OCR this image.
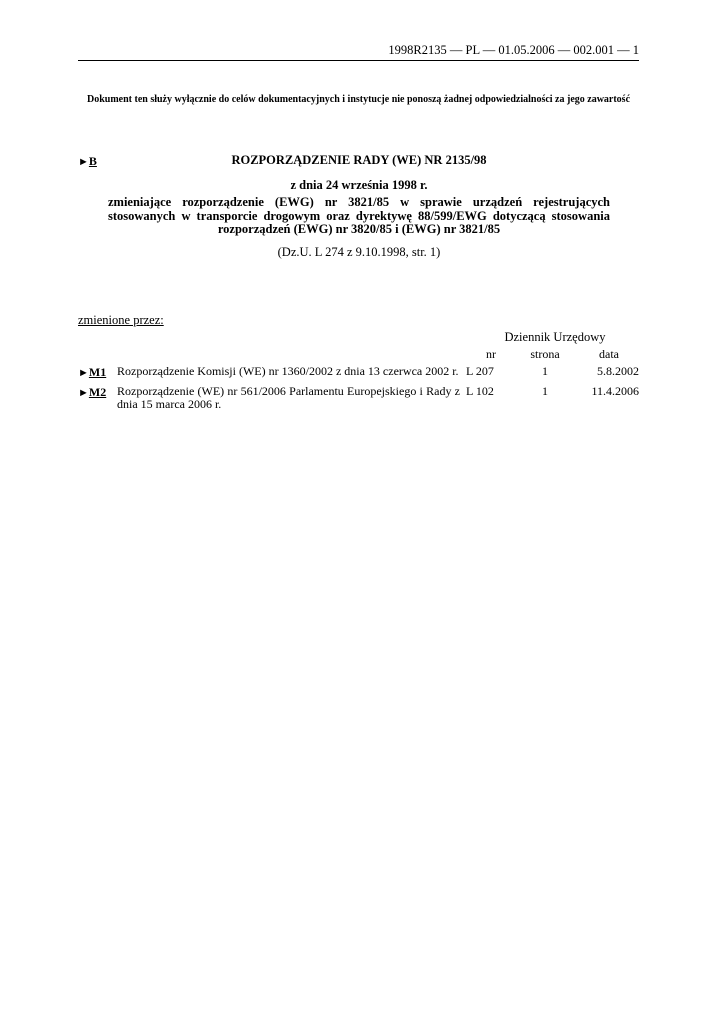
1998R2135 — PL — 01.05.2006 — 002.001 — 1
Dokument ten służy wyłącznie do celów dokumentacyjnych i instytucje nie ponoszą żadnej odpowiedzialności za jego zawartość
►B	ROZPORZĄDZENIE RADY (WE) NR 2135/98
z dnia 24 września 1998 r.
zmieniające rozporządzenie (EWG) nr 3821/85 w sprawie urządzeń rejestrujących stosowanych w transporcie drogowym oraz dyrektywę 88/599/EWG dotyczącą stosowania rozporządzeń (EWG) nr 3820/85 i (EWG) nr 3821/85
(Dz.U. L 274 z 9.10.1998, str. 1)
zmienione przez:
Dziennik Urzędowy
nr	strona	data
►M1 Rozporządzenie Komisji (WE) nr 1360/2002 z dnia 13 czerwca 2002 r. L 207	1	5.8.2002
►M2 Rozporządzenie (WE) nr 561/2006 Parlamentu Europejskiego i Rady z dnia 15 marca 2006 r.
L 102	1	11.4.2006
